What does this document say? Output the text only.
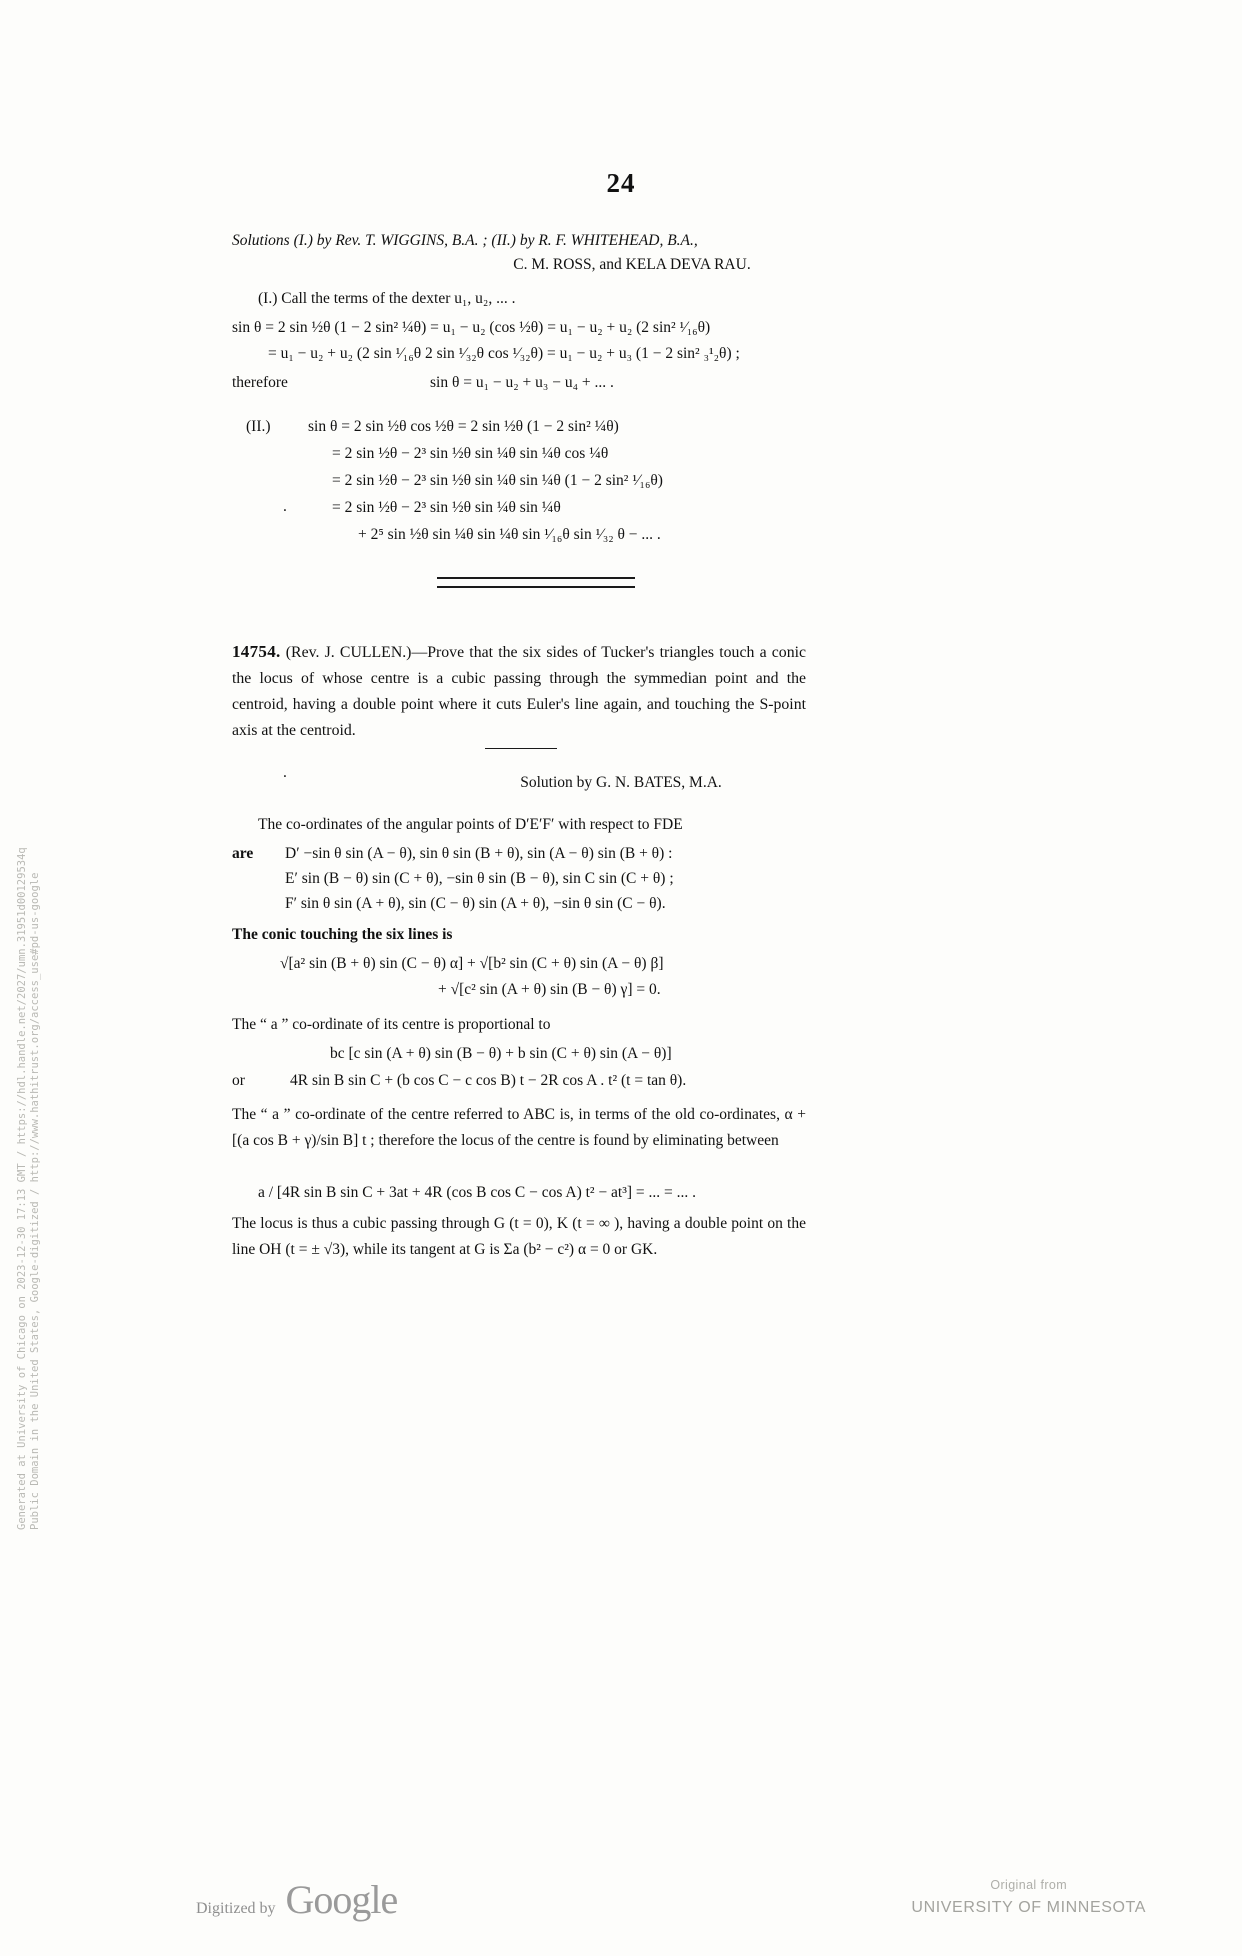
Generated at University of Chicago on 2023-12-30 17:13 GMT / https://hdl.handle.net/2027/umn.31951d00129534q Public Domain in the United States, Google-digitized / http://www.hathitrust.org/access_use#pd-us-google
24
Solutions (I.) by Rev. T. WIGGINS, B.A. ; (II.) by R. F. WHITEHEAD, B.A.,
C. M. ROSS, and KELA DEVA RAU.
(I.) Call the terms of the dexter u₁, u₂, ... .
sin θ = 2 sin ½θ (1 − 2 sin² ¼θ) = u₁ − u₂ (cos ½θ) = u₁ − u₂ + u₂ (2 sin² ¹⁄₁₆θ)
= u₁ − u₂ + u₂ (2 sin ¹⁄₁₆θ 2 sin ¹⁄₃₂θ cos ¹⁄₃₂θ) = u₁ − u₂ + u₃ (1 − 2 sin² ₃¹₂θ) ;
therefore	sin θ = u₁ − u₂ + u₃ − u₄ + ... .
(II.) sin θ = 2 sin ½θ cos ½θ = 2 sin ½θ (1 − 2 sin² ¼θ)
= 2 sin ½θ − 2³ sin ½θ sin ¼θ sin ¼θ cos ¼θ
= 2 sin ½θ − 2³ sin ½θ sin ¼θ sin ¼θ (1 − 2 sin² ¹⁄₁₆θ)
= 2 sin ½θ − 2³ sin ½θ sin ¼θ sin ¼θ
+ 2⁵ sin ½θ sin ¼θ sin ¼θ sin ¹⁄₁₆θ sin ¹⁄₃₂ θ − ... .
.
14754. (Rev. J. CULLEN.)—Prove that the six sides of Tucker's triangles touch a conic the locus of whose centre is a cubic passing through the symmedian point and the centroid, having a double point where it cuts Euler's line again, and touching the S-point axis at the centroid.
.
Solution by G. N. BATES, M.A.
The co-ordinates of the angular points of D′E′F′ with respect to FDE
are D′ −sin θ sin (A − θ), sin θ sin (B + θ), sin (A − θ) sin (B + θ) :
E′ sin (B − θ) sin (C + θ), −sin θ sin (B − θ), sin C sin (C + θ) ;
F′ sin θ sin (A + θ), sin (C − θ) sin (A + θ), −sin θ sin (C − θ).
The conic touching the six lines is
√[a² sin (B + θ) sin (C − θ) α] + √[b² sin (C + θ) sin (A − θ) β]
+ √[c² sin (A + θ) sin (B − θ) γ] = 0.
The “ a ” co-ordinate of its centre is proportional to
bc [c sin (A + θ) sin (B − θ) + b sin (C + θ) sin (A − θ)]
or	4R sin B sin C + (b cos C − c cos B) t − 2R cos A . t² (t = tan θ).
The “ a ” co-ordinate of the centre referred to ABC is, in terms of the old co-ordinates, α + [(a cos B + γ)/sin B] t ; therefore the locus of the centre is found by eliminating between
a / [4R sin B sin C + 3at + 4R (cos B cos C − cos A) t² − at³] = ... = ... .
The locus is thus a cubic passing through G (t = 0), K (t = ∞ ), having a double point on the line OH (t = ± √3), while its tangent at G is Σa (b² − c²) α = 0 or GK.
Digitized by Google	Original from
UNIVERSITY OF MINNESOTA
